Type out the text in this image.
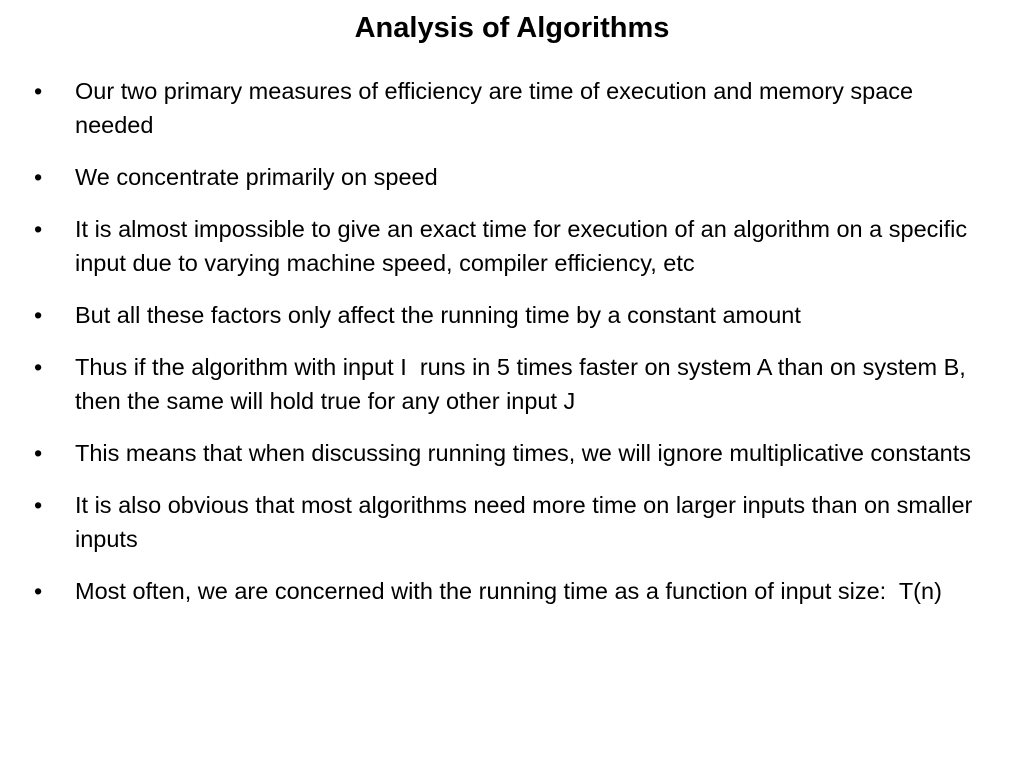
Analysis of Algorithms
•	Our two primary measures of efficiency are time of execution and memory space needed
•	We concentrate primarily on speed
•	It is almost impossible to give an exact time for execution of an algorithm on a specific input due to varying machine speed, compiler efficiency, etc
•	But all these factors only affect the running time by a constant amount
•	Thus if the algorithm with input I  runs in 5 times faster on system A than on system B, then the same will hold true for any other input J
•	This means that when discussing running times, we will ignore multiplicative constants
•	It is also obvious that most algorithms need more time on larger inputs than on smaller inputs
•	Most often, we are concerned with the running time as a function of input size:  T(n)
